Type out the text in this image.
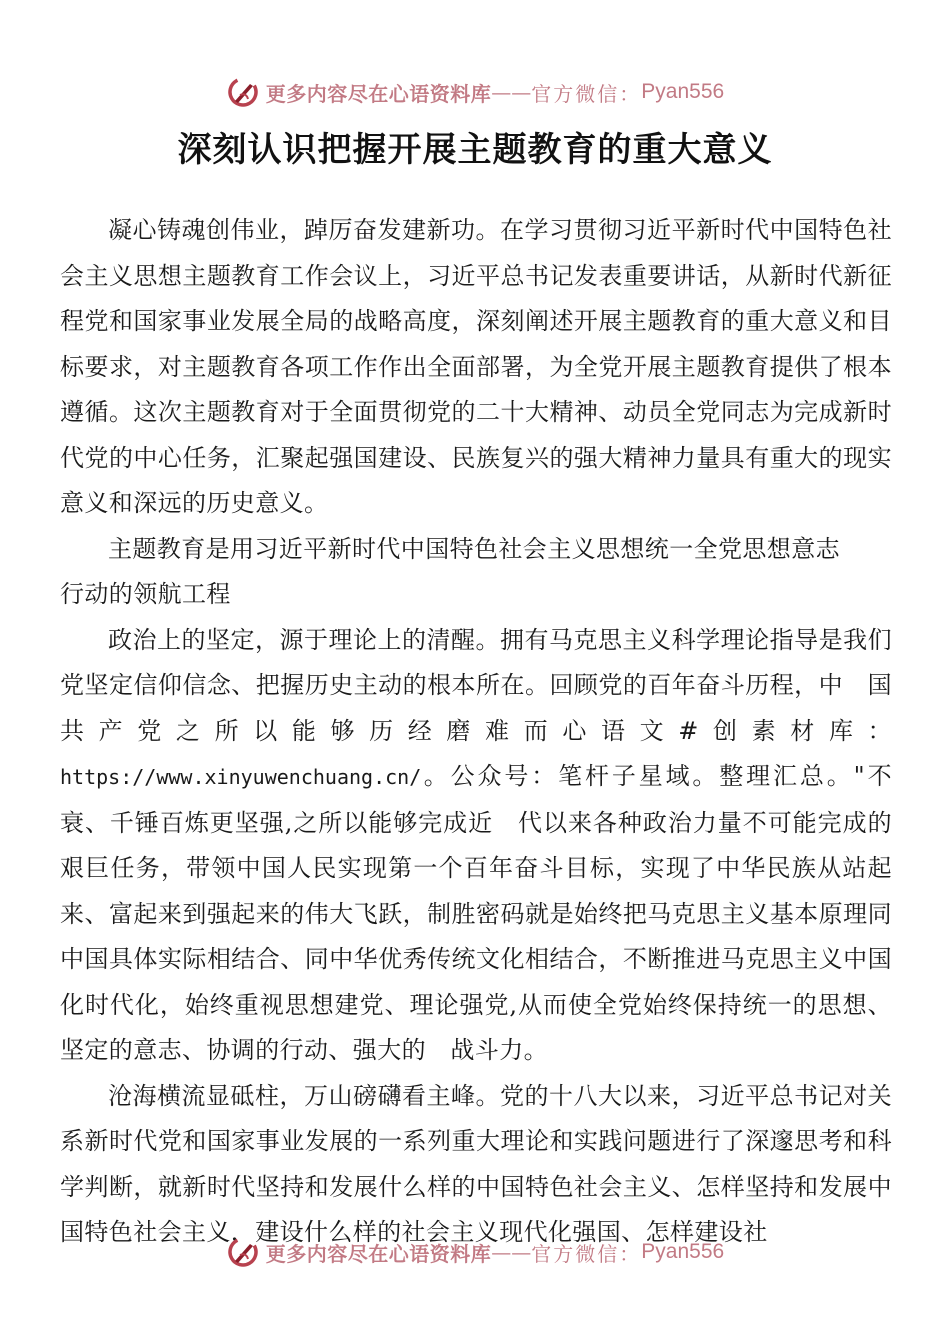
更多内容尽在心语资料库 —— 官方微信： Pyan556
深刻认识把握开展主题教育的重大意义

凝心铸魂创伟业，踔厉奋发建新功。在学习贯彻习近平新时代中国特色社会主义思想主题教育工作会议上，习近平总书记发表重要讲话，从新时代新征程党和国家事业发展全局的战略高度，深刻阐述开展主题教育的重大意义和目标要求，对主题教育各项工作作出全面部署，为全党开展主题教育提供了根本遵循。这次主题教育对于全面贯彻党的二十大精神、动员全党同志为完成新时代党的中心任务，汇聚起强国建设、民族复兴的强大精神力量具有重大的现实意义和深远的历史意义。

主题教育是用习近平新时代中国特色社会主义思想统一全党思想意志行动的领航工程

政治上的坚定，源于理论上的清醒。拥有马克思主义科学理论指导是我们党坚定信仰信念、把握历史主动的根本所在。回顾党的百年奋斗历程，中　国共产党之所以能够历经磨难而心语文#创素材库：https://www.xinyuwenchuang.cn/。公众号：笔杆子星域。整理汇总。"不衰、千锤百炼更坚强,之所以能够完成近　代以来各种政治力量不可能完成的艰巨任务，带领中国人民实现第一个百年奋斗目标，实现了中华民族从站起来、富起来到强起来的伟大飞跃，制胜密码就是始终把马克思主义基本原理同中国具体实际相结合、同中华优秀传统文化相结合，不断推进马克思主义中国化时代化，始终重视思想建党、理论强党,从而使全党始终保持统一的思想、坚定的意志、协调的行动、强大的　战斗力。

沧海横流显砥柱，万山磅礴看主峰。党的十八大以来，习近平总书记对关系新时代党和国家事业发展的一系列重大理论和实践问题进行了深邃思考和科学判断，就新时代坚持和发展什么样的中国特色社会主义、怎样坚持和发展中国特色社会主义，建设什么样的社会主义现代化强国、怎样建设社

更多内容尽在心语资料库 —— 官方微信： Pyan556
